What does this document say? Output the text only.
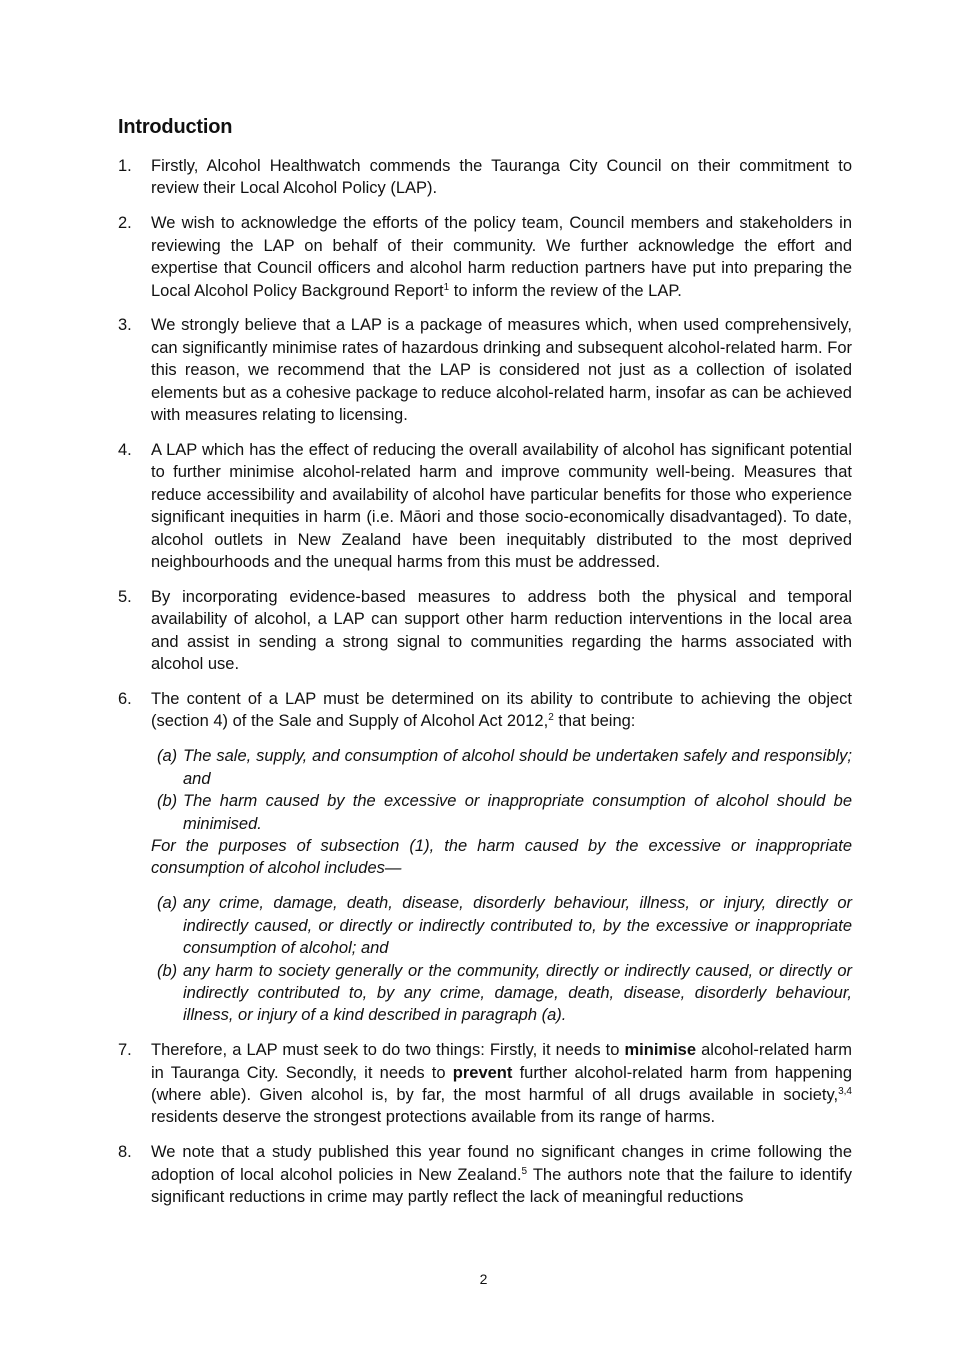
Introduction
1.	Firstly, Alcohol Healthwatch commends the Tauranga City Council on their commitment to review their Local Alcohol Policy (LAP).

2.	We wish to acknowledge the efforts of the policy team, Council members and stakeholders in reviewing the LAP on behalf of their community. We further acknowledge the effort and expertise that Council officers and alcohol harm reduction partners have put into preparing the Local Alcohol Policy Background Report$^1$ to inform the review of the LAP.

3.	We strongly believe that a LAP is a package of measures which, when used comprehensively, can significantly minimise rates of hazardous drinking and subsequent alcohol-related harm. For this reason, we recommend that the LAP is considered not just as a collection of isolated elements but as a cohesive package to reduce alcohol-related harm, insofar as can be achieved with measures relating to licensing.

4.	A LAP which has the effect of reducing the overall availability of alcohol has significant potential to further minimise alcohol-related harm and improve community well-being. Measures that reduce accessibility and availability of alcohol have particular benefits for those who experience significant inequities in harm (i.e. Māori and those socio-economically disadvantaged). To date, alcohol outlets in New Zealand have been inequitably distributed to the most deprived neighbourhoods and the unequal harms from this must be addressed.

5.	By incorporating evidence-based measures to address both the physical and temporal availability of alcohol, a LAP can support other harm reduction interventions in the local area and assist in sending a strong signal to communities regarding the harms associated with alcohol use.

6.	The content of a LAP must be determined on its ability to contribute to achieving the object (section 4) of the Sale and Supply of Alcohol Act 2012,$^2$ that being:

(a) The sale, supply, and consumption of alcohol should be undertaken safely and responsibly; and
(b) The harm caused by the excessive or inappropriate consumption of alcohol should be minimised.

For the purposes of subsection (1), the harm caused by the excessive or inappropriate consumption of alcohol includes—

(a) any crime, damage, death, disease, disorderly behaviour, illness, or injury, directly or indirectly caused, or directly or indirectly contributed to, by the excessive or inappropriate consumption of alcohol; and
(b) any harm to society generally or the community, directly or indirectly caused, or directly or indirectly contributed to, by any crime, damage, death, disease, disorderly behaviour, illness, or injury of a kind described in paragraph (a).
7.	Therefore, a LAP must seek to do two things: Firstly, it needs to minimise alcohol-related harm in Tauranga City. Secondly, it needs to prevent further alcohol-related harm from happening (where able). Given alcohol is, by far, the most harmful of all drugs available in society,$^{3,4}$ residents deserve the strongest protections available from its range of harms.

8.	We note that a study published this year found no significant changes in crime following the adoption of local alcohol policies in New Zealand.$^5$ The authors note that the failure to identify significant reductions in crime may partly reflect the lack of meaningful reductions

2
